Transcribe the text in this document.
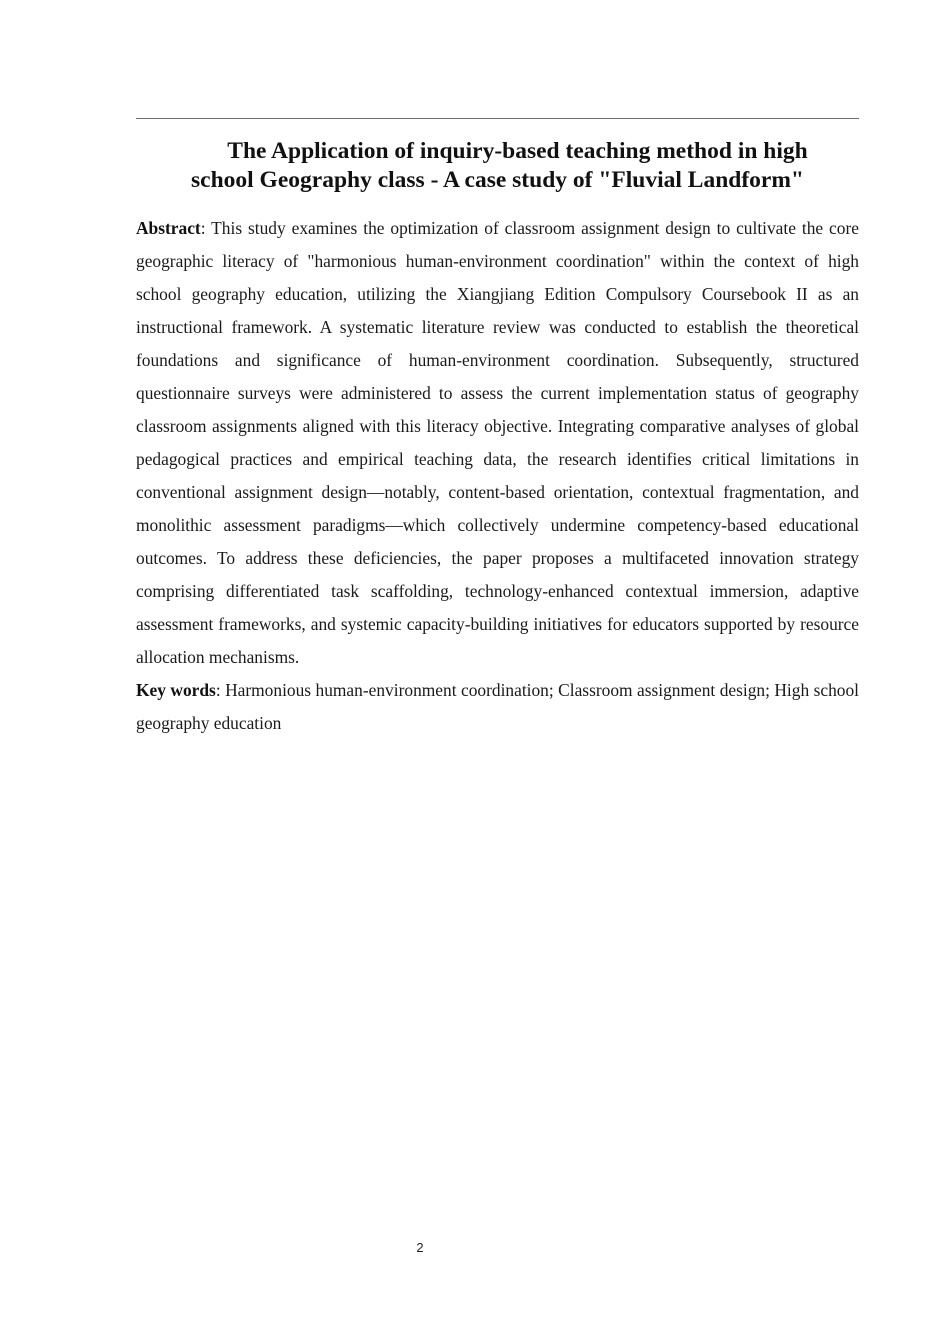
The Application of inquiry-based teaching method in high
school Geography class - A case study of "Fluvial Landform"

Abstract: This study examines the optimization of classroom assignment design to cultivate the core geographic literacy of "harmonious human-environment coordination" within the context of high school geography education, utilizing the Xiangjiang Edition Compulsory Coursebook II as an instructional framework. A systematic literature review was conducted to establish the theoretical foundations and significance of human-environment coordination. Subsequently, structured questionnaire surveys were administered to assess the current implementation status of geography classroom assignments aligned with this literacy objective. Integrating comparative analyses of global pedagogical practices and empirical teaching data, the research identifies critical limitations in conventional assignment design—notably, content-based orientation, contextual fragmentation, and monolithic assessment paradigms—which collectively undermine competency-based educational outcomes. To address these deficiencies, the paper proposes a multifaceted innovation strategy comprising differentiated task scaffolding, technology-enhanced contextual immersion, adaptive assessment frameworks, and systemic capacity-building initiatives for educators supported by resource allocation mechanisms.

Key words: Harmonious human-environment coordination; Classroom assignment design; High school geography education

2
